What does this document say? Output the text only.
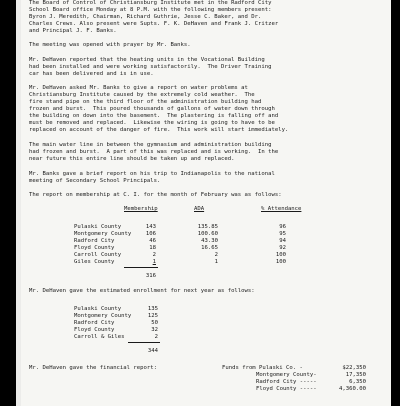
The Board of Control of Christiansburg Institute met in the Radford City
School Board office Monday at 8 P.M. with the following members present:
Byron J. Meredith, Chairman, Richard Guthrie, Jesse C. Baker, and Dr.
Charles Crews. Also present were Supts. F. K. DeHaven and Frank J. Critzer
and Principal J. F. Banks.
The meeting was opened with prayer by Mr. Banks.
Mr. DeHaven reported that the heating units in the Vocational Building
had been installed and were working satisfactorily.  The Driver Training
car has been delivered and is in use.
Mr. DeHaven asked Mr. Banks to give a report on water problems at
Christiansburg Institute caused by the extremely cold weather.  The
fire stand pipe on the third floor of the administration building had
frozen and burst.  This poured thousands of gallons of water down through
the building on down into the basement.  The plastering is falling off and
must be removed and replaced.  Likewise the wiring is going to have to be
replaced on account of the danger of fire.  This work will start immediately.
The main water line in between the gymnasium and administration building
had frozen and burst.  A part of this was replaced and is working.  In the
near future this entire line should be taken up and replaced.
Mr. Banks gave a brief report on his trip to Indianapolis to the national
meeting of Secondary School Principals.
The report on membership at C. I. for the month of February was as follows:
Membership	ADA	% Attendance
Pulaski County	143	135.85	96
Montgomery County	106	100.60	95
Radford City	46	43.30	94
Floyd County	18	16.65	92
Carroll County	2	2	100
Giles County	1	1	100
316
Mr. DeHaven gave the estimated enrollment for next year as follows:
Pulaski County	135
Montgomery County	125
Radford City	50
Floyd County	32
Carroll & Giles	2
344
Mr. DeHaven gave the financial report:	Funds from Pulaski Co. -	$22,350
Montgomery County-	17,350
Radford City -----	6,350
Floyd County -----	4,360.00
